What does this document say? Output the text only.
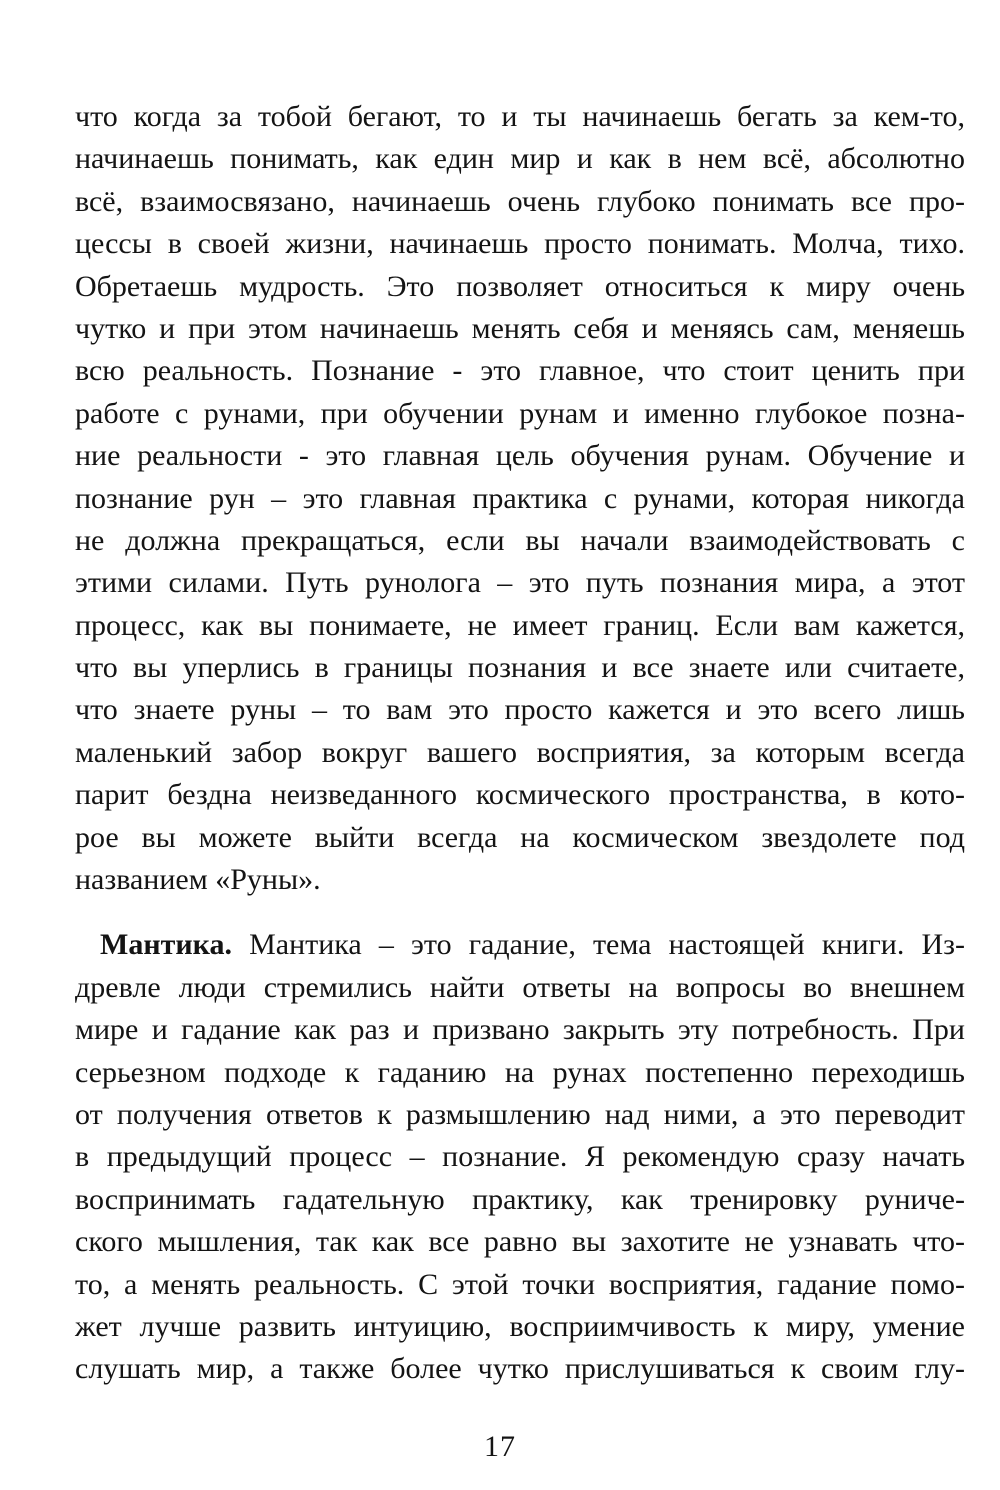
что когда за тобой бегают, то и ты начинаешь бегать за кем-то,
начинаешь понимать, как един мир и как в нем всё, абсолютно
всё, взаимосвязано, начинаешь очень глубоко понимать все про-
цессы в своей жизни, начинаешь просто понимать. Молча, тихо.
Обретаешь мудрость. Это позволяет относиться к миру очень
чутко и при этом начинаешь менять себя и меняясь сам, меняешь
всю реальность. Познание - это главное, что стоит ценить при
работе с рунами, при обучении рунам и именно глубокое позна-
ние реальности - это главная цель обучения рунам. Обучение и
познание рун – это главная практика с рунами, которая никогда
не должна прекращаться, если вы начали взаимодействовать с
этими силами. Путь рунолога – это путь познания мира, а этот
процесс, как вы понимаете, не имеет границ. Если вам кажется,
что вы уперлись в границы познания и все знаете или считаете,
что знаете руны – то вам это просто кажется и это всего лишь
маленький забор вокруг вашего восприятия, за которым всегда
парит бездна неизведанного космического пространства, в кото-
рое вы можете выйти всегда на космическом звездолете под
названием «Руны».
Мантика. Мантика – это гадание, тема настоящей книги. Из-
древле люди стремились найти ответы на вопросы во внешнем
мире и гадание как раз и призвано закрыть эту потребность. При
серьезном подходе к гаданию на рунах постепенно переходишь
от получения ответов к размышлению над ними, а это переводит
в предыдущий процесс – познание. Я рекомендую сразу начать
воспринимать гадательную практику, как тренировку руниче-
ского мышления, так как все равно вы захотите не узнавать что-
то, а менять реальность. С этой точки восприятия, гадание помо-
жет лучше развить интуицию, восприимчивость к миру, умение
слушать мир, а также более чутко прислушиваться к своим глу-
17
